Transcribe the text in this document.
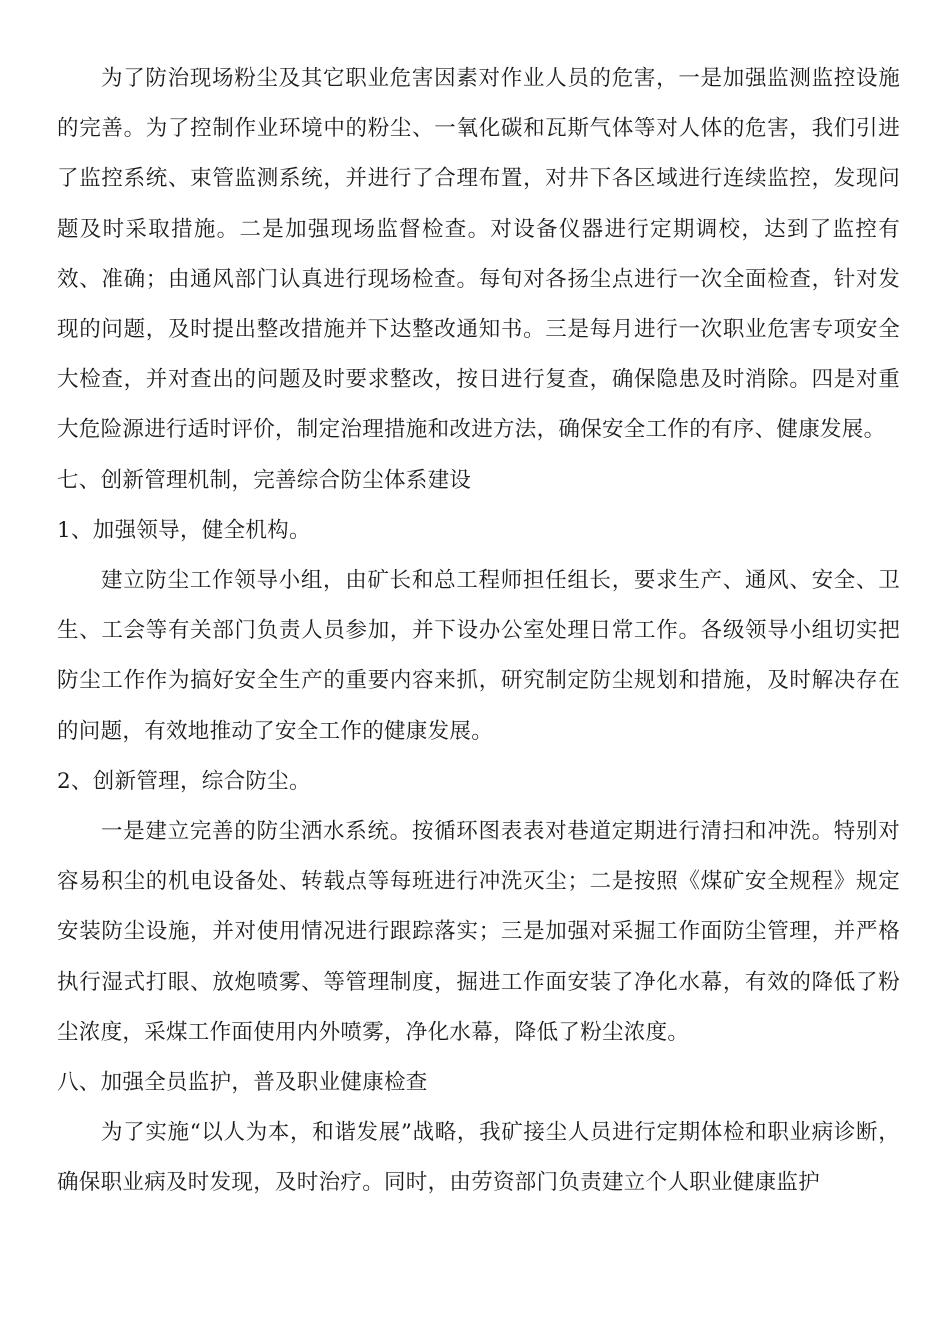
为了防治现场粉尘及其它职业危害因素对作业人员的危害，一是加强监测监控设施的完善。为了控制作业环境中的粉尘、一氧化碳和瓦斯气体等对人体的危害，我们引进了监控系统、束管监测系统，并进行了合理布置，对井下各区域进行连续监控，发现问题及时采取措施。二是加强现场监督检查。对设备仪器进行定期调校，达到了监控有效、准确；由通风部门认真进行现场检查。每旬对各扬尘点进行一次全面检查，针对发现的问题，及时提出整改措施并下达整改通知书。三是每月进行一次职业危害专项安全大检查，并对查出的问题及时要求整改，按日进行复查，确保隐患及时消除。四是对重大危险源进行适时评价，制定治理措施和改进方法，确保安全工作的有序、健康发展。

七、创新管理机制，完善综合防尘体系建设

1、加强领导，健全机构。

建立防尘工作领导小组，由矿长和总工程师担任组长，要求生产、通风、安全、卫生、工会等有关部门负责人员参加，并下设办公室处理日常工作。各级领导小组切实把防尘工作作为搞好安全生产的重要内容来抓，研究制定防尘规划和措施，及时解决存在的问题，有效地推动了安全工作的健康发展。

2、创新管理，综合防尘。

一是建立完善的防尘洒水系统。按循环图表表对巷道定期进行清扫和冲洗。特别对容易积尘的机电设备处、转载点等每班进行冲洗灭尘；二是按照《煤矿安全规程》规定安装防尘设施，并对使用情况进行跟踪落实；三是加强对采掘工作面防尘管理，并严格执行湿式打眼、放炮喷雾、等管理制度，掘进工作面安装了净化水幕，有效的降低了粉尘浓度，采煤工作面使用内外喷雾，净化水幕，降低了粉尘浓度。

八、加强全员监护，普及职业健康检查

为了实施“以人为本，和谐发展”战略，我矿接尘人员进行定期体检和职业病诊断，确保职业病及时发现，及时治疗。同时，由劳资部门负责建立个人职业健康监护
